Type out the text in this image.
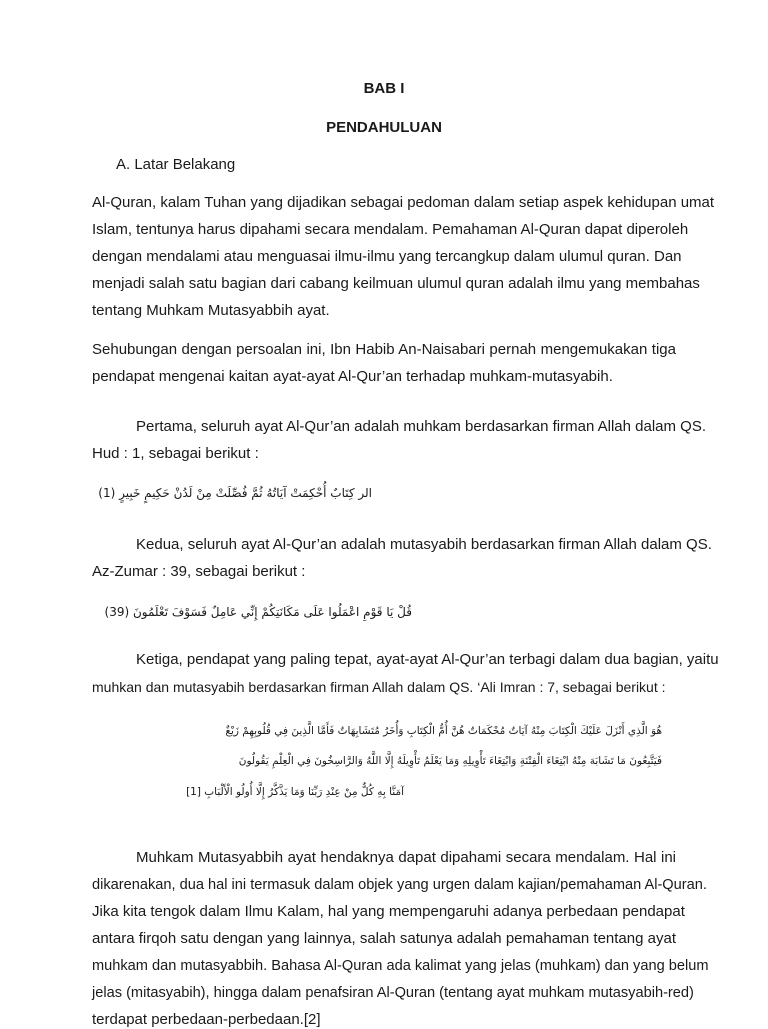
BAB I
PENDAHULUAN
A. Latar Belakang
Al-Quran, kalam Tuhan yang dijadikan sebagai pedoman dalam setiap aspek kehidupan umat
Islam, tentunya harus dipahami secara mendalam. Pemahaman Al-Quran dapat diperoleh
dengan mendalami atau menguasai ilmu-ilmu yang tercangkup dalam ulumul quran. Dan
menjadi salah satu bagian dari cabang keilmuan ulumul quran adalah ilmu yang membahas
tentang Muhkam Mutasyabbih ayat.
Sehubungan dengan persoalan ini, Ibn Habib An-Naisabari pernah mengemukakan tiga
pendapat mengenai kaitan ayat-ayat Al-Qur’an terhadap muhkam-mutasyabih.
Pertama, seluruh ayat Al-Qur’an adalah muhkam berdasarkan firman Allah dalam QS.
Hud : 1, sebagai berikut :
الر كِتَابٌ أُحْكِمَتْ آيَاتُهُ ثُمَّ فُصِّلَتْ مِنْ لَدُنْ حَكِيمٍ خَبِيرٍ (1)
Kedua, seluruh ayat Al-Qur’an adalah mutasyabih berdasarkan firman Allah dalam QS.
Az-Zumar : 39, sebagai berikut :
قُلْ يَا قَوْمِ اعْمَلُوا عَلَى مَكَانَتِكُمْ إِنِّي عَامِلٌ فَسَوْفَ تَعْلَمُونَ (39)
Ketiga, pendapat yang paling tepat, ayat-ayat Al-Qur’an terbagi dalam dua bagian, yaitu
muhkan dan mutasyabih berdasarkan firman Allah dalam QS. ‘Ali Imran : 7, sebagai berikut :
هُوَ الَّذِي أَنْزَلَ عَلَيْكَ الْكِتَابَ مِنْهُ آيَاتٌ مُحْكَمَاتٌ هُنَّ أُمُّ الْكِتَابِ وَأُخَرُ مُتَشَابِهَاتٌ فَأَمَّا الَّذِينَ فِي قُلُوبِهِمْ زَيْغٌ
فَيَتَّبِعُونَ مَا تَشَابَهَ مِنْهُ ابْتِغَاءَ الْفِتْنَةِ وَابْتِغَاءَ تَأْوِيلِهِ وَمَا يَعْلَمُ تَأْوِيلَهُ إِلَّا اللَّهُ وَالرَّاسِخُونَ فِي الْعِلْمِ يَقُولُونَ
آمَنَّا بِهِ كُلٌّ مِنْ عِنْدِ رَبِّنَا وَمَا يَذَّكَّرُ إِلَّا أُولُو الْأَلْبَابِ [1]
Muhkam Mutasyabbih ayat hendaknya dapat dipahami secara mendalam. Hal ini
dikarenakan, dua hal ini termasuk dalam objek yang urgen dalam kajian/pemahaman Al-Quran.
Jika kita tengok dalam Ilmu Kalam, hal yang mempengaruhi adanya perbedaan pendapat
antara firqoh satu dengan yang lainnya, salah satunya adalah pemahaman tentang ayat
muhkam dan mutasyabbih. Bahasa Al-Quran ada kalimat yang jelas (muhkam) dan yang belum
jelas (mitasyabih), hingga dalam penafsiran Al-Quran (tentang ayat muhkam mutasyabih-red)
terdapat perbedaan-perbedaan.[2]
